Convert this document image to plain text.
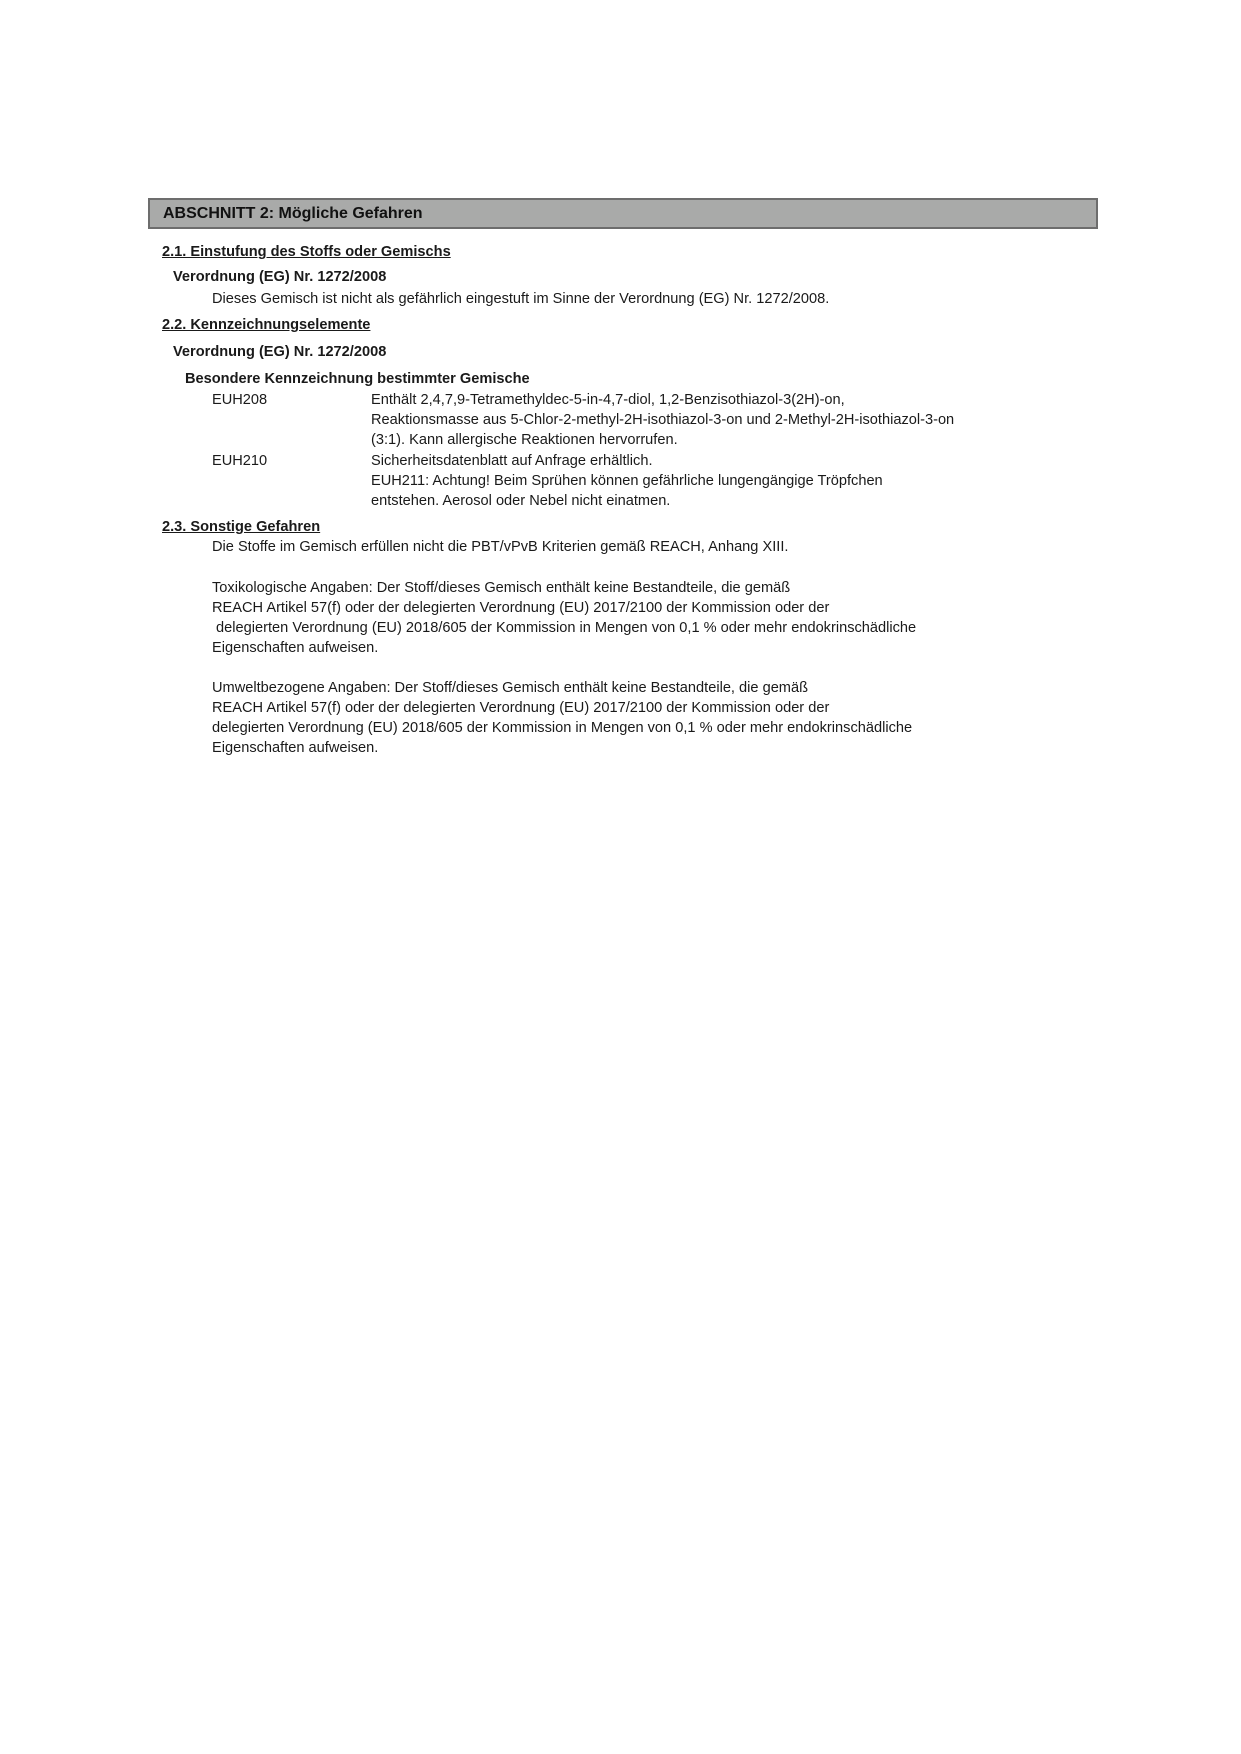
ABSCHNITT 2: Mögliche Gefahren
2.1. Einstufung des Stoffs oder Gemischs
Verordnung (EG) Nr. 1272/2008
Dieses Gemisch ist nicht als gefährlich eingestuft im Sinne der Verordnung (EG) Nr. 1272/2008.
2.2. Kennzeichnungselemente
Verordnung (EG) Nr. 1272/2008
Besondere Kennzeichnung bestimmter Gemische
EUH208	Enthält 2,4,7,9-Tetramethyldec-5-in-4,7-diol, 1,2-Benzisothiazol-3(2H)-on,
Reaktionsmasse aus 5-Chlor-2-methyl-2H-isothiazol-3-on und 2-Methyl-2H-isothiazol-3-on
(3:1). Kann allergische Reaktionen hervorrufen.
EUH210	Sicherheitsdatenblatt auf Anfrage erhältlich.
EUH211: Achtung! Beim Sprühen können gefährliche lungengängige Tröpfchen
entstehen. Aerosol oder Nebel nicht einatmen.
2.3. Sonstige Gefahren
Die Stoffe im Gemisch erfüllen nicht die PBT/vPvB Kriterien gemäß REACH, Anhang XIII.
Toxikologische Angaben: Der Stoff/dieses Gemisch enthält keine Bestandteile, die gemäß
REACH Artikel 57(f) oder der delegierten Verordnung (EU) 2017/2100 der Kommission oder der
delegierten Verordnung (EU) 2018/605 der Kommission in Mengen von 0,1 % oder mehr endokrinschädliche
Eigenschaften aufweisen.
Umweltbezogene Angaben: Der Stoff/dieses Gemisch enthält keine Bestandteile, die gemäß
REACH Artikel 57(f) oder der delegierten Verordnung (EU) 2017/2100 der Kommission oder der
delegierten Verordnung (EU) 2018/605 der Kommission in Mengen von 0,1 % oder mehr endokrinschädliche
Eigenschaften aufweisen.
